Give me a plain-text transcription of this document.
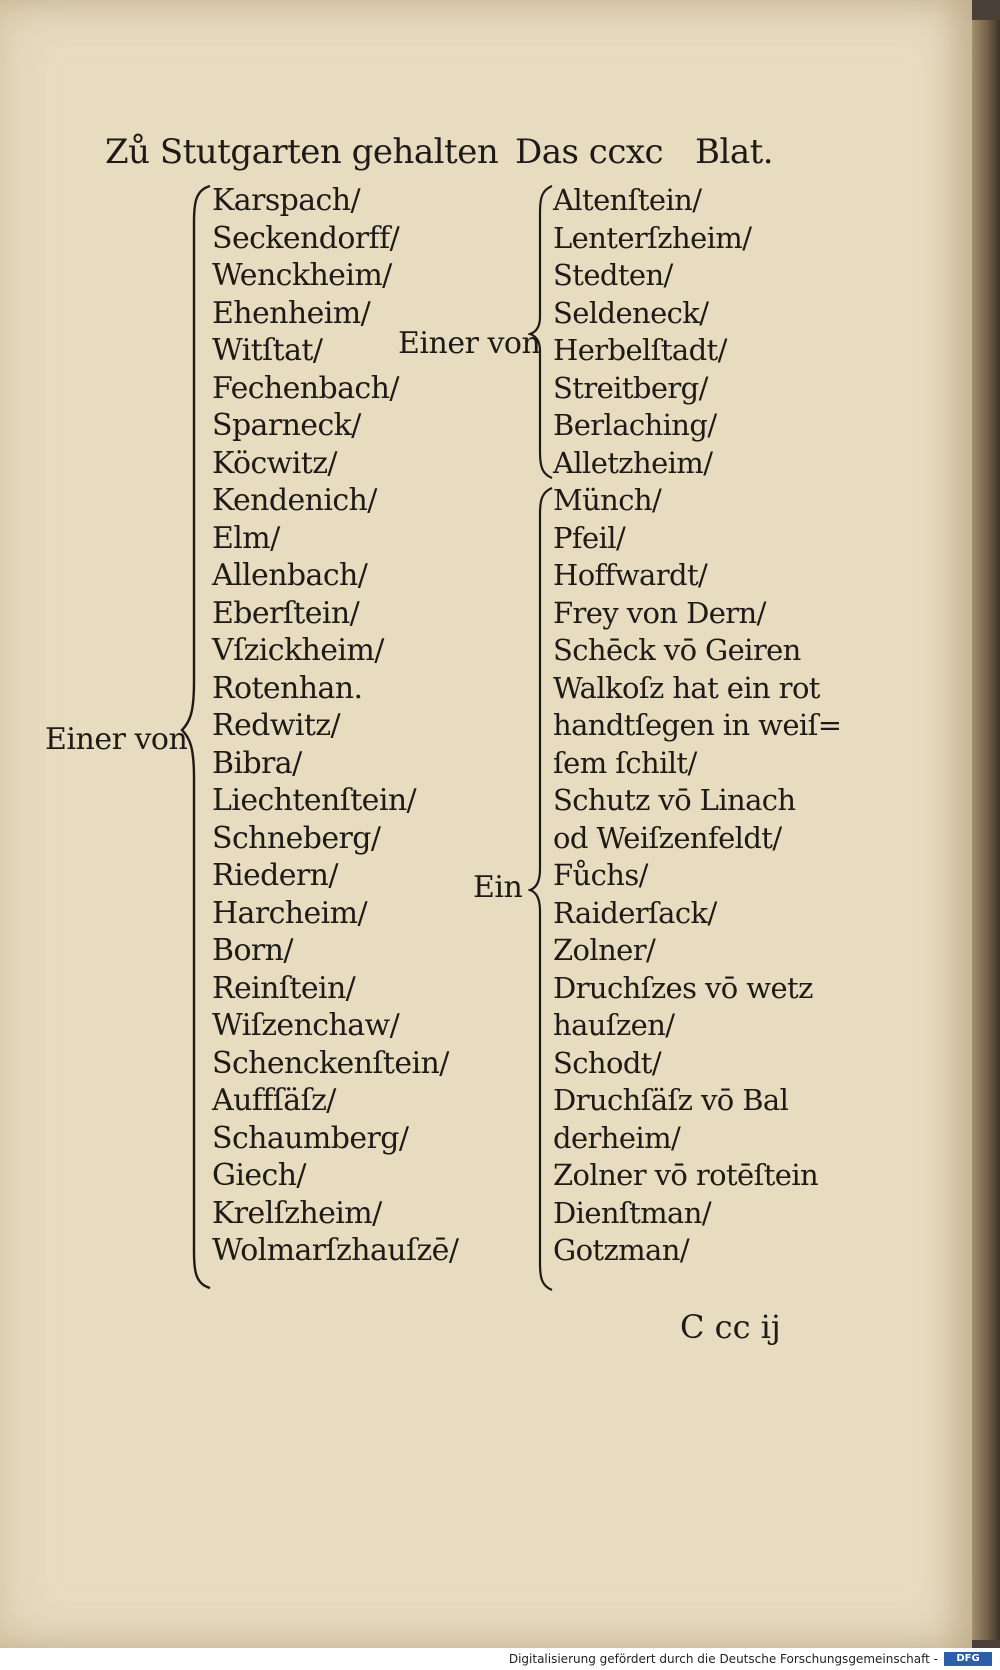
Zů Stutgarten gehalten Das ccxc Blat.
Einer von
Einer von
Ein
Karspach/
Seckendorff/
Wenckheim/
Ehenheim/
Witſtat/
Fechenbach/
Sparneck/
Köcwitz/
Kendenich/
Elm/
Allenbach/
Eberſtein/
Vſzickheim/
Rotenhan.
Redwitz/
Bibra/
Liechtenſtein/
Schneberg/
Riedern/
Harcheim/
Born/
Reinſtein/
Wiſzenchaw/
Schenckenſtein/
Auffſäſz/
Schaumberg/
Giech/
Krelſzheim/
Wolmarſzhauſzē/
Altenſtein/
Lenterſzheim/
Stedten/
Seldeneck/
Herbelſtadt/
Streitberg/
Berlaching/
Alletzheim/
Münch/
Pfeil/
Hoffwardt/
Frey von Dern/
Schēck vō Geiren
Walkoſz hat ein rot
handtſegen in weiſ=
ſem ſchilt/
Schutz vō Linach
od Weiſzenfeldt/
Fůchs/
Raiderſack/
Zolner/
Druchſzes vō wetz
hauſzen/
Schodt/
Druchſäſz vō Bal
derheim/
Zolner vō rotēſtein
Dienſtman/
Gotzman/
C cc ij
Digitalisierung gefördert durch die Deutsche Forschungsgemeinschaft -	DFG
